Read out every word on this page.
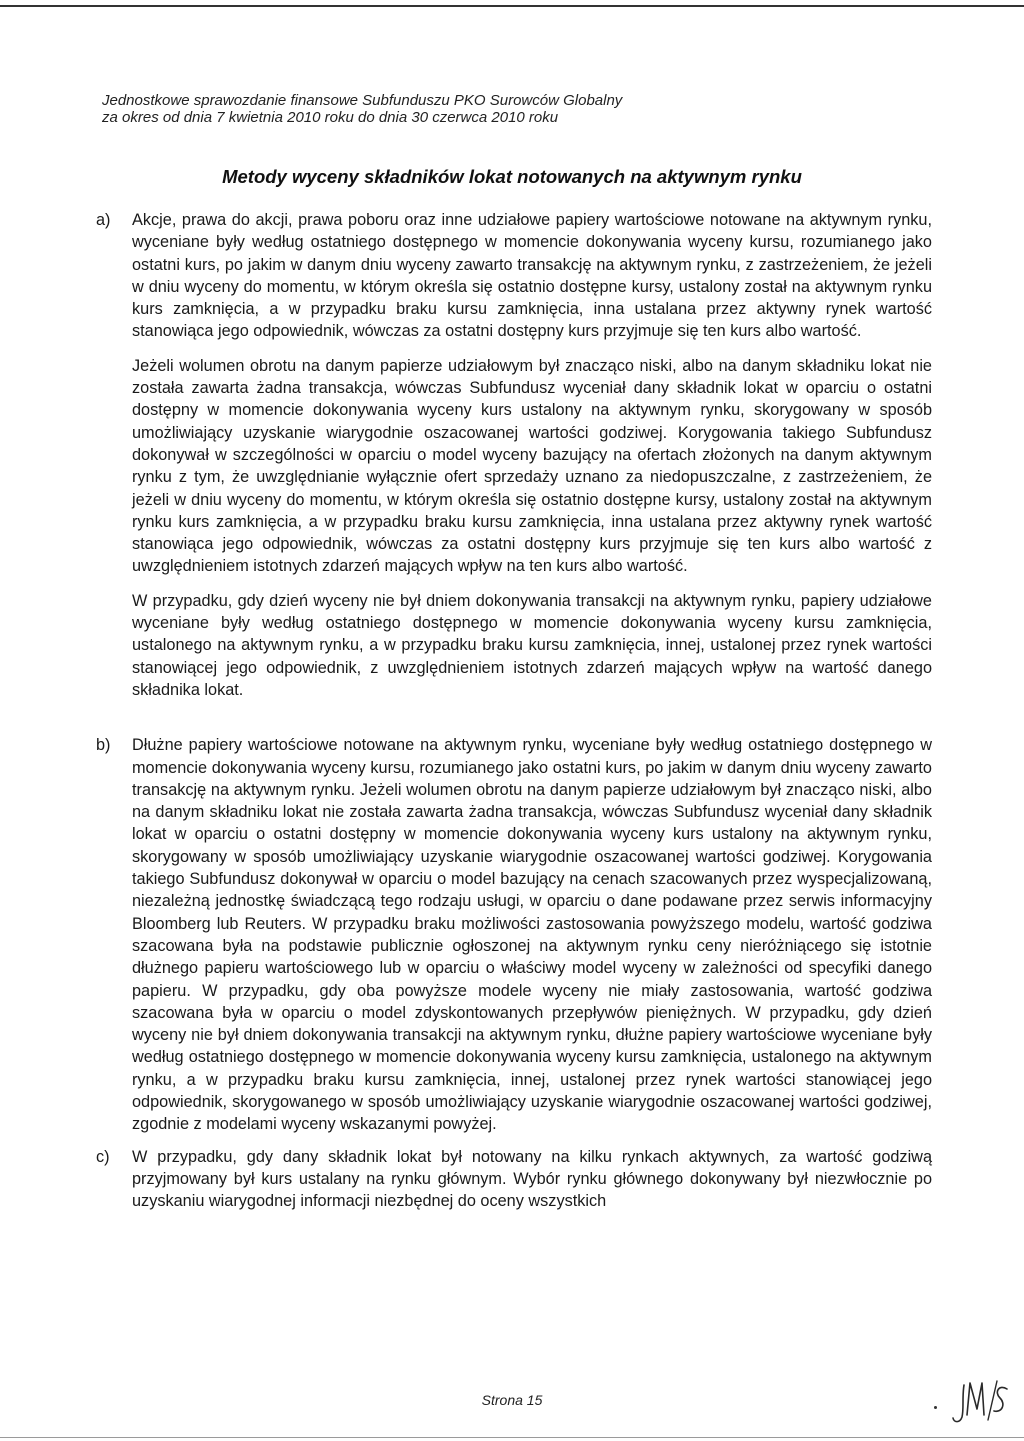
Jednostkowe sprawozdanie finansowe Subfunduszu PKO Surowców Globalny
za okres od dnia 7 kwietnia 2010 roku do dnia 30 czerwca 2010 roku
Metody wyceny składników lokat notowanych na aktywnym rynku
a) Akcje, prawa do akcji, prawa poboru oraz inne udziałowe papiery wartościowe notowane na aktywnym rynku, wyceniane były według ostatniego dostępnego w momencie dokonywania wyceny kursu, rozumianego jako ostatni kurs, po jakim w danym dniu wyceny zawarto transakcję na aktywnym rynku, z zastrzeżeniem, że jeżeli w dniu wyceny do momentu, w którym określa się ostatnio dostępne kursy, ustalony został na aktywnym rynku kurs zamknięcia, a w przypadku braku kursu zamknięcia, inna ustalana przez aktywny rynek wartość stanowiąca jego odpowiednik, wówczas za ostatni dostępny kurs przyjmuje się ten kurs albo wartość.

Jeżeli wolumen obrotu na danym papierze udziałowym był znacząco niski, albo na danym składniku lokat nie została zawarta żadna transakcja, wówczas Subfundusz wyceniał dany składnik lokat w oparciu o ostatni dostępny w momencie dokonywania wyceny kurs ustalony na aktywnym rynku, skorygowany w sposób umożliwiający uzyskanie wiarygodnie oszacowanej wartości godziwej. Korygowania takiego Subfundusz dokonywał w szczególności w oparciu o model wyceny bazujący na ofertach złożonych na danym aktywnym rynku z tym, że uwzględnianie wyłącznie ofert sprzedaży uznano za niedopuszczalne, z zastrzeżeniem, że jeżeli w dniu wyceny do momentu, w którym określa się ostatnio dostępne kursy, ustalony został na aktywnym rynku kurs zamknięcia, a w przypadku braku kursu zamknięcia, inna ustalana przez aktywny rynek wartość stanowiąca jego odpowiednik, wówczas za ostatni dostępny kurs przyjmuje się ten kurs albo wartość z uwzględnieniem istotnych zdarzeń mających wpływ na ten kurs albo wartość.

W przypadku, gdy dzień wyceny nie był dniem dokonywania transakcji na aktywnym rynku, papiery udziałowe wyceniane były według ostatniego dostępnego w momencie dokonywania wyceny kursu zamknięcia, ustalonego na aktywnym rynku, a w przypadku braku kursu zamknięcia, innej, ustalonej przez rynek wartości stanowiącej jego odpowiednik, z uwzględnieniem istotnych zdarzeń mających wpływ na wartość danego składnika lokat.

b) Dłużne papiery wartościowe notowane na aktywnym rynku, wyceniane były według ostatniego dostępnego w momencie dokonywania wyceny kursu, rozumianego jako ostatni kurs, po jakim w danym dniu wyceny zawarto transakcję na aktywnym rynku. Jeżeli wolumen obrotu na danym papierze udziałowym był znacząco niski, albo na danym składniku lokat nie została zawarta żadna transakcja, wówczas Subfundusz wyceniał dany składnik lokat w oparciu o ostatni dostępny w momencie dokonywania wyceny kurs ustalony na aktywnym rynku, skorygowany w sposób umożliwiający uzyskanie wiarygodnie oszacowanej wartości godziwej. Korygowania takiego Subfundusz dokonywał w oparciu o model bazujący na cenach szacowanych przez wyspecjalizowaną, niezależną jednostkę świadczącą tego rodzaju usługi, w oparciu o dane podawane przez serwis informacyjny Bloomberg lub Reuters. W przypadku braku możliwości zastosowania powyższego modelu, wartość godziwa szacowana była na podstawie publicznie ogłoszonej na aktywnym rynku ceny nieróżniącego się istotnie dłużnego papieru wartościowego lub w oparciu o właściwy model wyceny w zależności od specyfiki danego papieru. W przypadku, gdy oba powyższe modele wyceny nie miały zastosowania, wartość godziwa szacowana była w oparciu o model zdyskontowanych przepływów pieniężnych. W przypadku, gdy dzień wyceny nie był dniem dokonywania transakcji na aktywnym rynku, dłużne papiery wartościowe wyceniane były według ostatniego dostępnego w momencie dokonywania wyceny kursu zamknięcia, ustalonego na aktywnym rynku, a w przypadku braku kursu zamknięcia, innej, ustalonej przez rynek wartości stanowiącej jego odpowiednik, skorygowanego w sposób umożliwiający uzyskanie wiarygodnie oszacowanej wartości godziwej, zgodnie z modelami wyceny wskazanymi powyżej.

c) W przypadku, gdy dany składnik lokat był notowany na kilku rynkach aktywnych, za wartość godziwą przyjmowany był kurs ustalany na rynku głównym. Wybór rynku głównego dokonywany był niezwłocznie po uzyskaniu wiarygodnej informacji niezbędnej do oceny wszystkich

Strona 15
